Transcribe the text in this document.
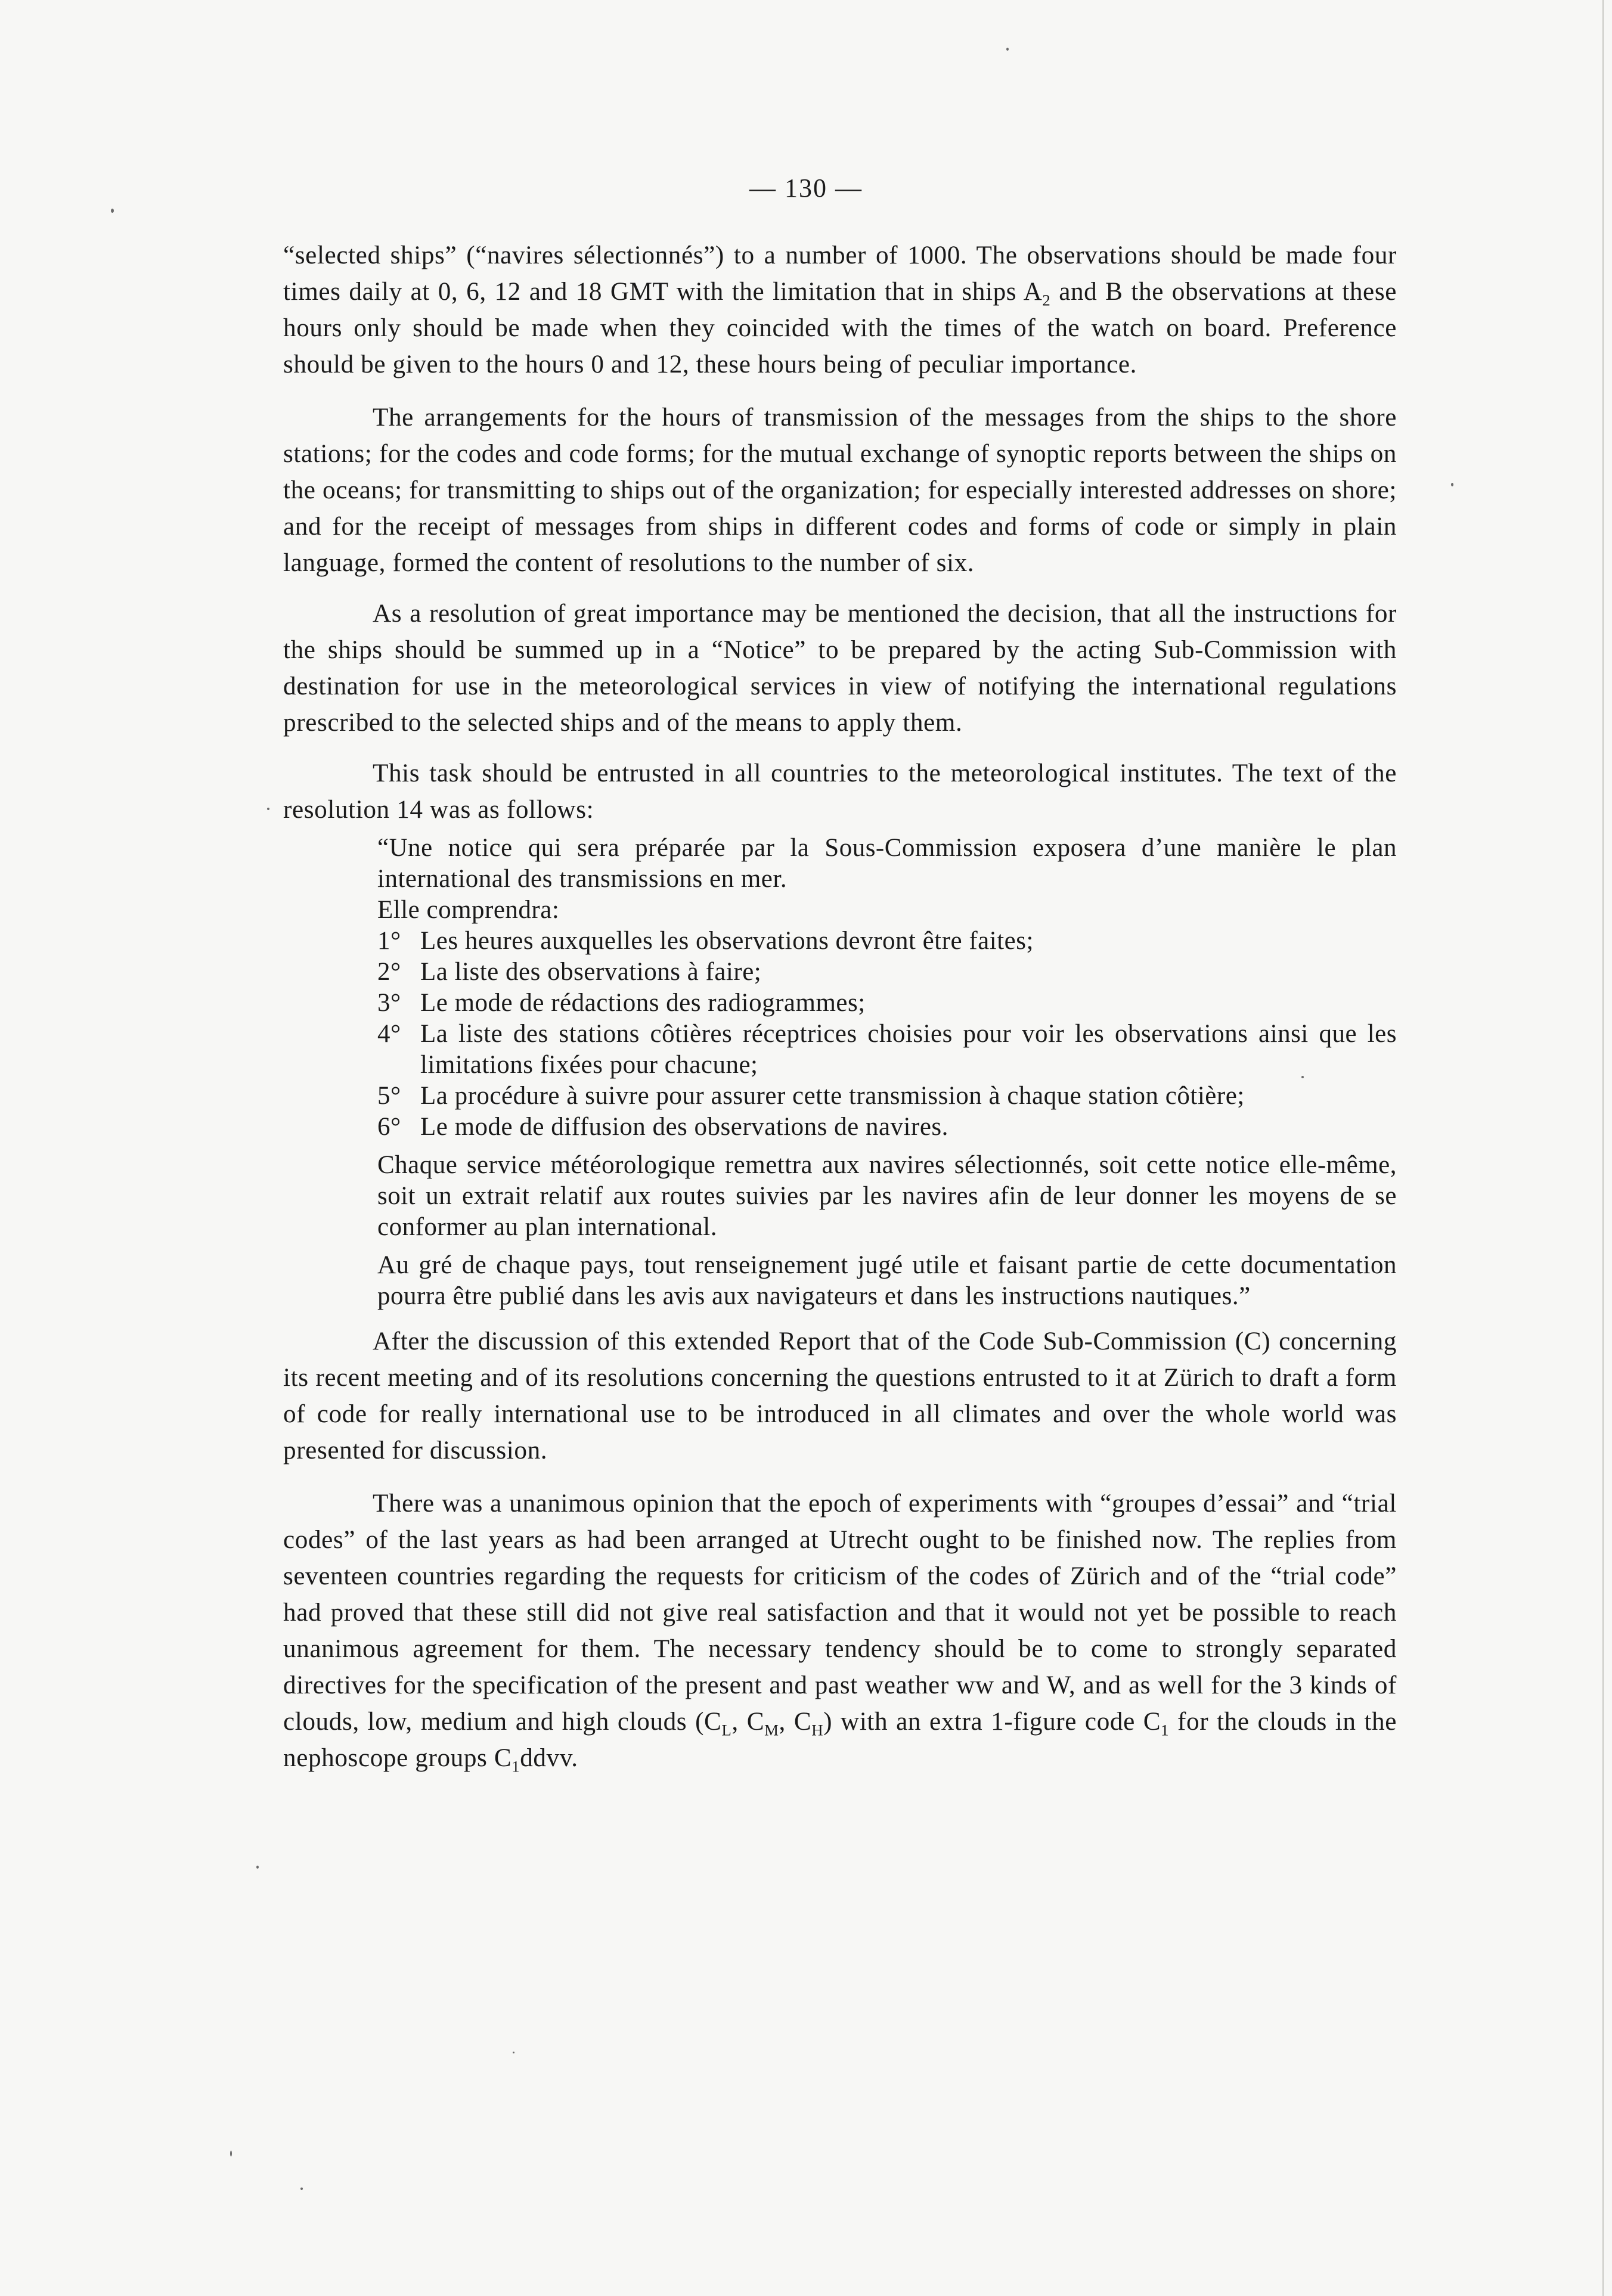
— 130 —

“selected ships” (“navires sélectionnés”) to a number of 1000. The observations should be made four times daily at 0, 6, 12 and 18 GMT with the limitation that in ships $A_2$ and B the observations at these hours only should be made when they coincided with the times of the watch on board. Preference should be given to the hours 0 and 12, these hours being of peculiar importance.

The arrangements for the hours of transmission of the messages from the ships to the shore stations; for the codes and code forms; for the mutual exchange of synoptic reports between the ships on the oceans; for transmitting to ships out of the organization; for especially interested addresses on shore; and for the receipt of messages from ships in different codes and forms of code or simply in plain language, formed the content of resolutions to the number of six.

As a resolution of great importance may be mentioned the decision, that all the instructions for the ships should be summed up in a “Notice” to be prepared by the acting Sub-Commission with destination for use in the meteorological services in view of notifying the international regulations prescribed to the selected ships and of the means to apply them.

This task should be entrusted in all countries to the meteorological institutes. The text of the resolution 14 was as follows:

“Une notice qui sera préparée par la Sous-Commission exposera d’une manière le plan international des transmissions en mer.

Elle comprendra:

1° Les heures auxquelles les observations devront être faites;
2° La liste des observations à faire;
3° Le mode de rédactions des radiogrammes;
4° La liste des stations côtières réceptrices choisies pour voir les observations ainsi que les limitations fixées pour chacune;
5° La procédure à suivre pour assurer cette transmission à chaque station côtière;
6° Le mode de diffusion des observations de navires.

Chaque service météorologique remettra aux navires sélectionnés, soit cette notice elle-même, soit un extrait relatif aux routes suivies par les navires afin de leur donner les moyens de se conformer au plan international.

Au gré de chaque pays, tout renseignement jugé utile et faisant partie de cette documentation pourra être publié dans les avis aux navigateurs et dans les instructions nautiques.”

After the discussion of this extended Report that of the Code Sub-Commission (C) concerning its recent meeting and of its resolutions concerning the questions entrusted to it at Zürich to draft a form of code for really international use to be introduced in all climates and over the whole world was presented for discussion.

There was a unanimous opinion that the epoch of experiments with “groupes d’essai” and “trial codes” of the last years as had been arranged at Utrecht ought to be finished now. The replies from seventeen countries regarding the requests for criticism of the codes of Zürich and of the “trial code” had proved that these still did not give real satisfaction and that it would not yet be possible to reach unanimous agreement for them. The necessary tendency should be to come to strongly separated directives for the specification of the present and past weather ww and W, and as well for the 3 kinds of clouds, low, medium and high clouds ($C_L$, $C_M$, $C_H$) with an extra 1-figure code $C_1$ for the clouds in the nephoscope groups $C_1ddvv$.
